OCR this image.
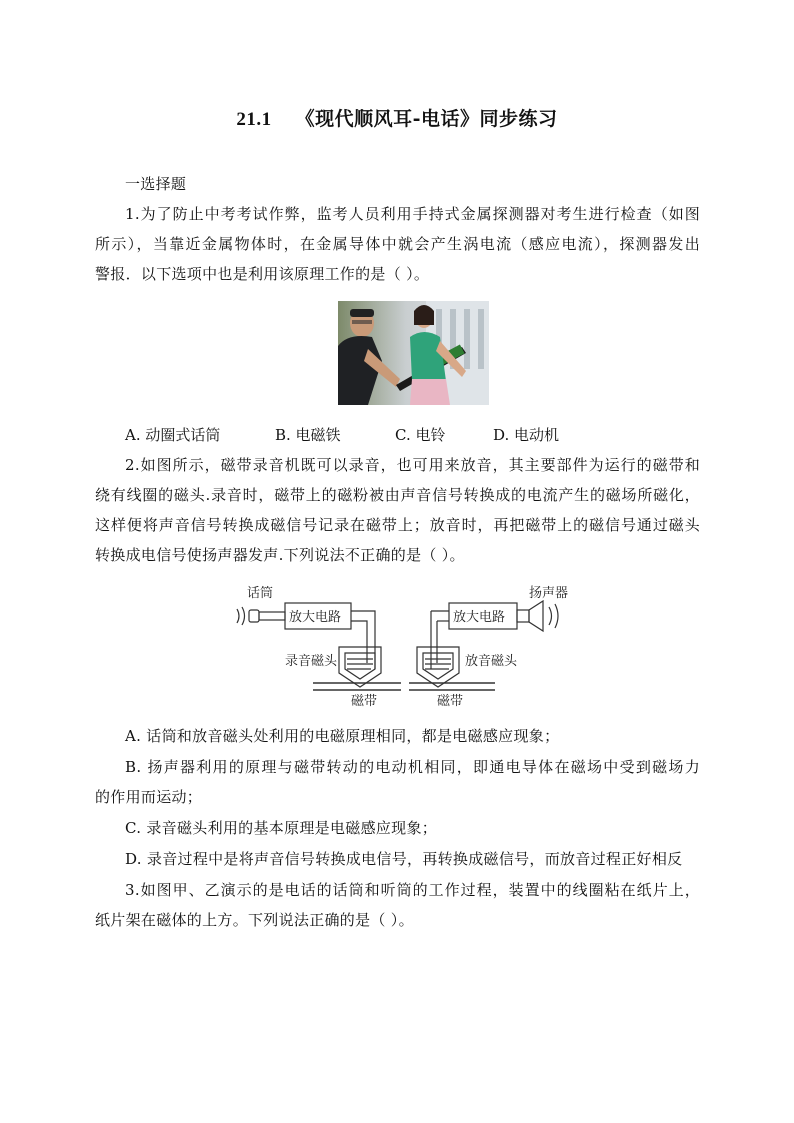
21.1 《现代顺风耳-电话》同步练习
一选择题
1.为了防止中考考试作弊，监考人员利用手持式金属探测器对考生进行检查（如图
所示），当靠近金属物体时，在金属导体中就会产生涡电流（感应电流），探测器发出
警报．以下选项中也是利用该原理工作的是（ ）。
A. 动圈式话筒	B. 电磁铁	C. 电铃	D. 电动机
2.如图所示，磁带录音机既可以录音，也可用来放音，其主要部件为运行的磁带和
绕有线圈的磁头.录音时，磁带上的磁粉被由声音信号转换成的电流产生的磁场所磁化，
这样便将声音信号转换成磁信号记录在磁带上；放音时，再把磁带上的磁信号通过磁头
转换成电信号使扬声器发声.下列说法不正确的是（ ）。
话筒
放大电路
录音磁头
磁带
扬声器
放大电路
放音磁头
磁带
A. 话筒和放音磁头处利用的电磁原理相同，都是电磁感应现象；
B. 扬声器利用的原理与磁带转动的电动机相同，即通电导体在磁场中受到磁场力
的作用而运动；
C. 录音磁头利用的基本原理是电磁感应现象；
D. 录音过程中是将声音信号转换成电信号，再转换成磁信号，而放音过程正好相反
3.如图甲、乙演示的是电话的话筒和听筒的工作过程，装置中的线圈粘在纸片上，
纸片架在磁体的上方。下列说法正确的是（ ）。
